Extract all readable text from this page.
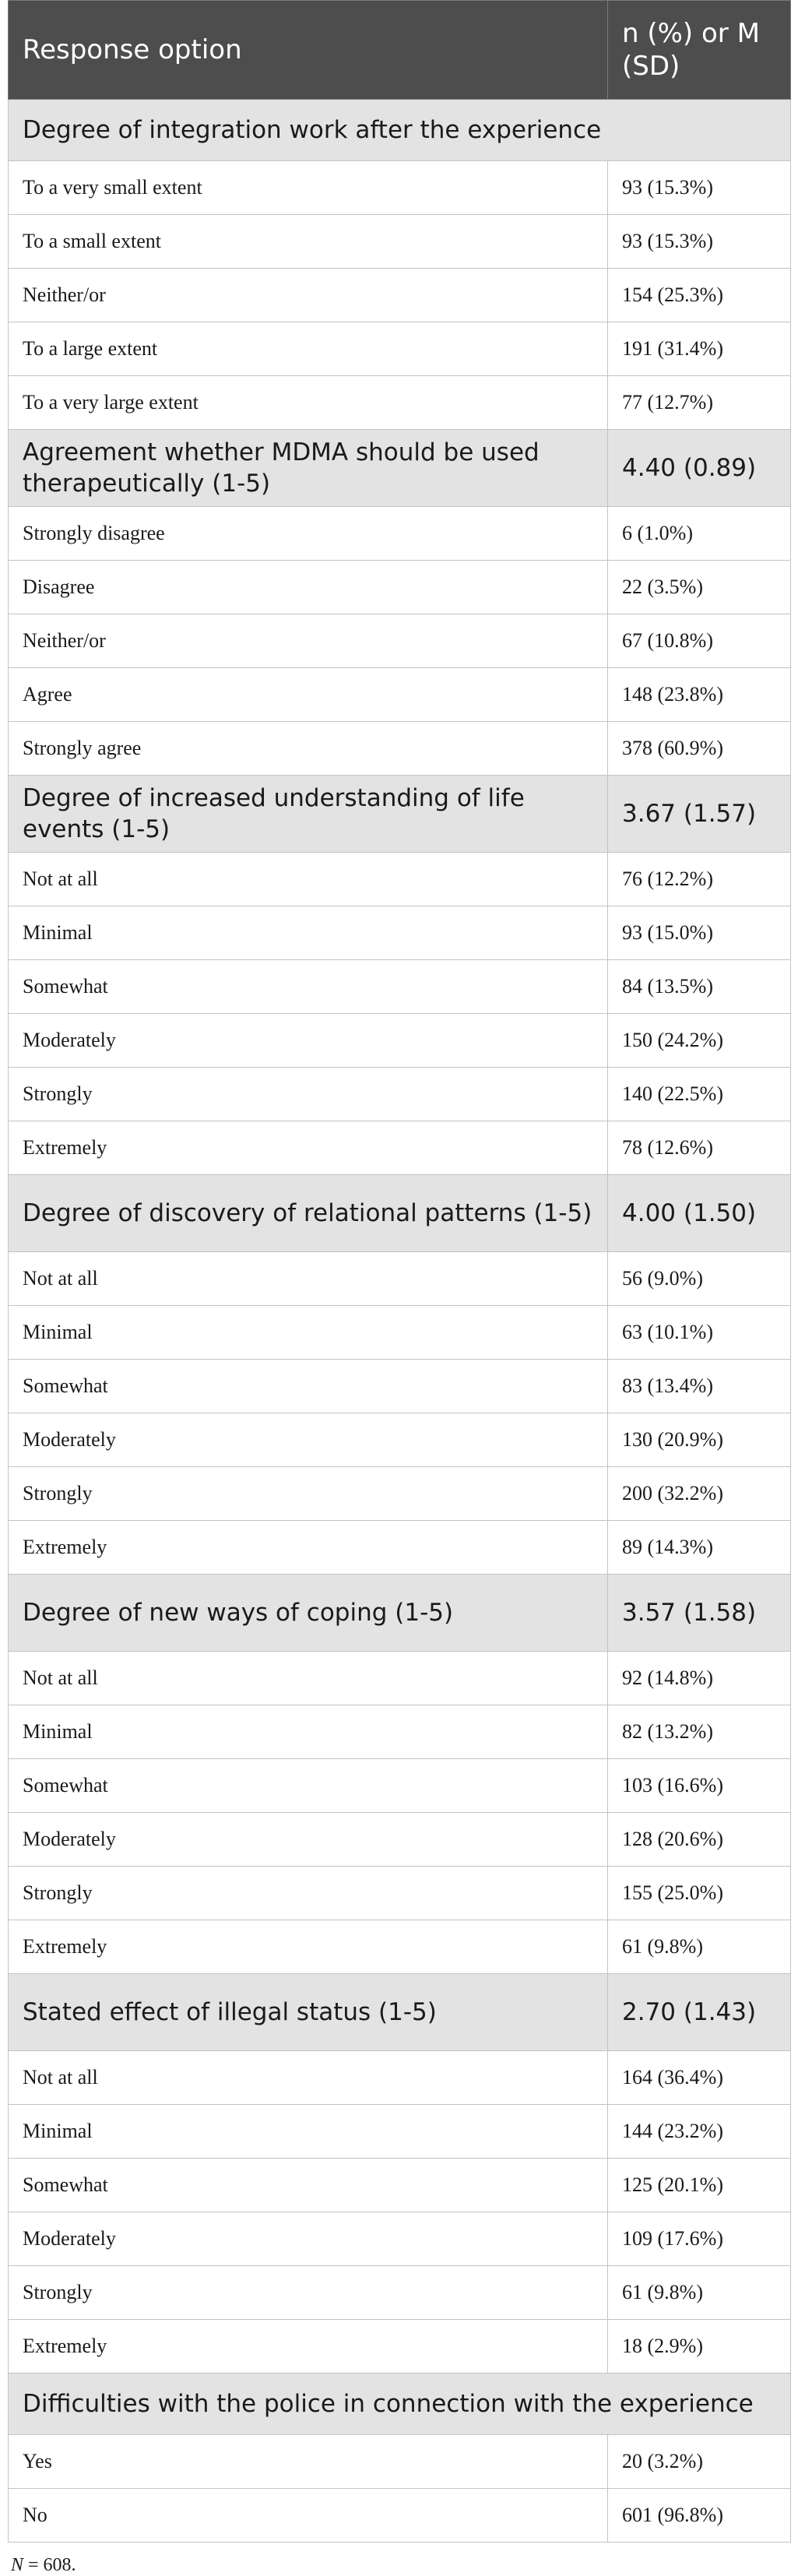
Response option	n (%) or M (SD)
Degree of integration work after the experience	
To a very small extent	93 (15.3%)
To a small extent	93 (15.3%)
Neither/or	154 (25.3%)
To a large extent	191 (31.4%)
To a very large extent	77 (12.7%)
Agreement whether MDMA should be used therapeutically (1-5)	4.40 (0.89)
Strongly disagree	6 (1.0%)
Disagree	22 (3.5%)
Neither/or	67 (10.8%)
Agree	148 (23.8%)
Strongly agree	378 (60.9%)
Degree of increased understanding of life events (1-5)	3.67 (1.57)
Not at all	76 (12.2%)
Minimal	93 (15.0%)
Somewhat	84 (13.5%)
Moderately	150 (24.2%)
Strongly	140 (22.5%)
Extremely	78 (12.6%)
Degree of discovery of relational patterns (1-5)	4.00 (1.50)
Not at all	56 (9.0%)
Minimal	63 (10.1%)
Somewhat	83 (13.4%)
Moderately	130 (20.9%)
Strongly	200 (32.2%)
Extremely	89 (14.3%)
Degree of new ways of coping (1-5)	3.57 (1.58)
Not at all	92 (14.8%)
Minimal	82 (13.2%)
Somewhat	103 (16.6%)
Moderately	128 (20.6%)
Strongly	155 (25.0%)
Extremely	61 (9.8%)
Stated effect of illegal status (1-5)	2.70 (1.43)
Not at all	164 (36.4%)
Minimal	144 (23.2%)
Somewhat	125 (20.1%)
Moderately	109 (17.6%)
Strongly	61 (9.8%)
Extremely	18 (2.9%)
Difficulties with the police in connection with the experience	
Yes	20 (3.2%)
No	601 (96.8%)
N = 608.
